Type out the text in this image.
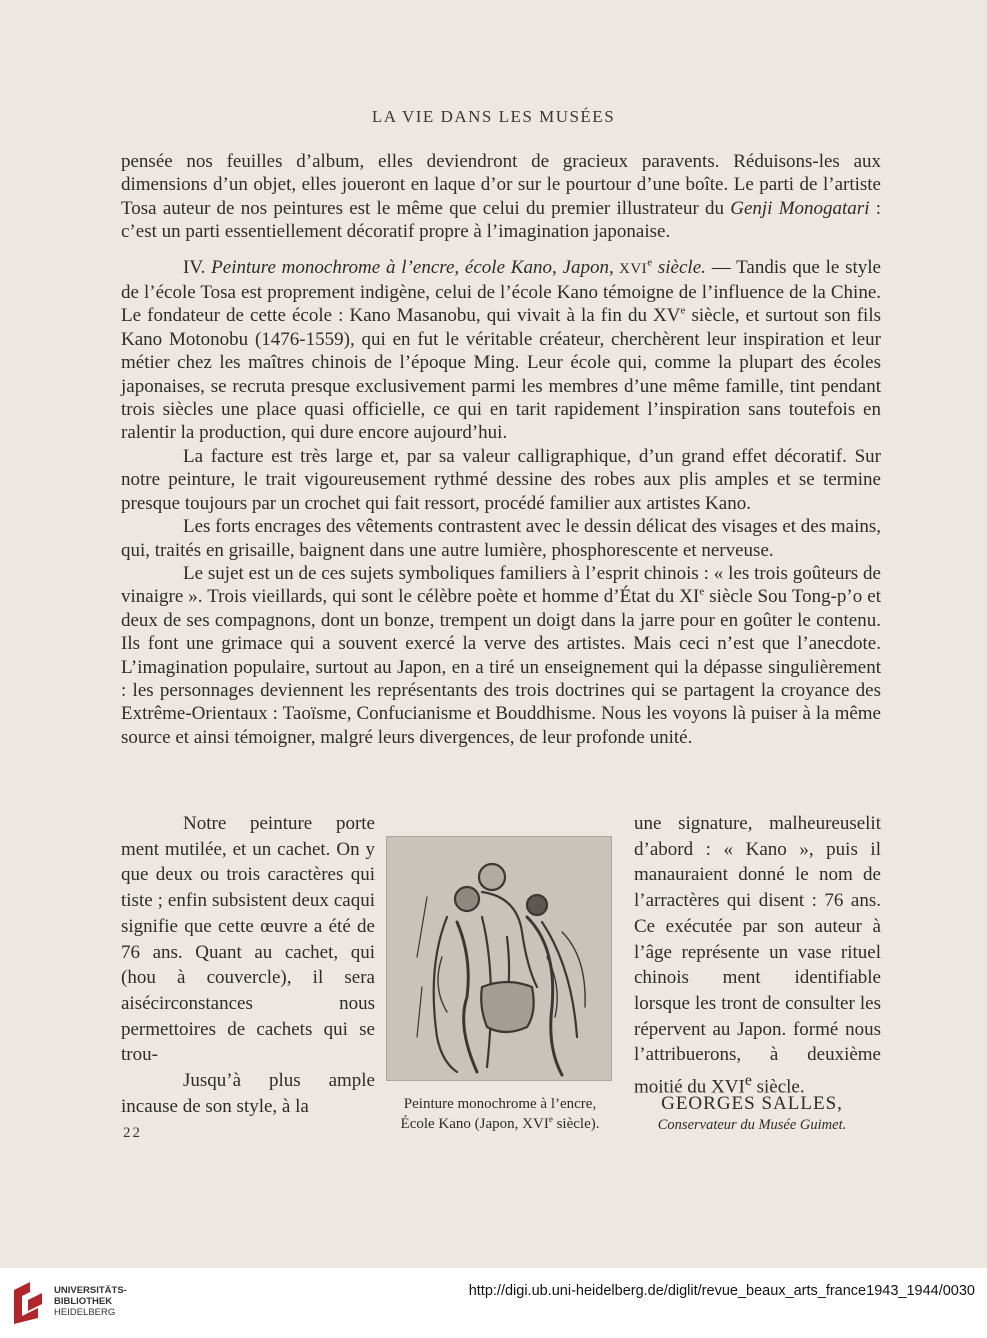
LA VIE DANS LES MUSÉES

pensée nos feuilles d’album, elles deviendront de gracieux paravents. Réduisons-les aux dimensions d’un objet, elles joueront en laque d’or sur le pourtour d’une boîte. Le parti de l’artiste Tosa auteur de nos peintures est le même que celui du premier illustrateur du Genji Monogatari : c’est un parti essentiellement décoratif propre à l’imagination japonaise.

IV. Peinture monochrome à l’encre, école Kano, Japon, XVIe siècle. — Tandis que le style de l’école Tosa est proprement indigène, celui de l’école Kano témoigne de l’influence de la Chine. Le fondateur de cette école : Kano Masanobu, qui vivait à la fin du XVe siècle, et surtout son fils Kano Motonobu (1476-1559), qui en fut le véritable créateur, cherchèrent leur inspiration et leur métier chez les maîtres chinois de l’époque Ming. Leur école qui, comme la plupart des écoles japonaises, se recruta presque exclusivement parmi les membres d’une même famille, tint pendant trois siècles une place quasi officielle, ce qui en tarit rapidement l’inspiration sans toutefois en ralentir la production, qui dure encore aujourd’hui.

La facture est très large et, par sa valeur calligraphique, d’un grand effet décoratif. Sur notre peinture, le trait vigoureusement rythmé dessine des robes aux plis amples et se termine presque toujours par un crochet qui fait ressort, procédé familier aux artistes Kano.

Les forts encrages des vêtements contrastent avec le dessin délicat des visages et des mains, qui, traités en grisaille, baignent dans une autre lumière, phosphorescente et nerveuse.

Le sujet est un de ces sujets symboliques familiers à l’esprit chinois : « les trois goûteurs de vinaigre ». Trois vieillards, qui sont le célèbre poète et homme d’État du XIe siècle Sou Tong-p’o et deux de ses compagnons, dont un bonze, trempent un doigt dans la jarre pour en goûter le contenu. Ils font une grimace qui a souvent exercé la verve des artistes. Mais ceci n’est que l’anecdote. L’imagination populaire, surtout au Japon, en a tiré un enseignement qui la dépasse singulièrement : les personnages deviennent les représentants des trois doctrines qui se partagent la croyance des Extrême-Orientaux : Taoïsme, Confucianisme et Bouddhisme. Nous les voyons là puiser à la même source et ainsi témoigner, malgré leurs divergences, de leur profonde unité.

Notre peinture porte ment mutilée, et un cachet. On y que deux ou trois caractères qui tiste ; enfin subsistent deux caqui signifie que cette œuvre a été de 76 ans. Quant au cachet, qui (hou à couvercle), il sera aisécirconstances nous permettoires de cachets qui se trou-

Jusqu’à plus ample incause de son style, à la

une signature, malheureuselit d’abord : « Kano », puis il manauraient donné le nom de l’arractères qui disent : 76 ans. Ce exécutée par son auteur à l’âge représente un vase rituel chinois ment identifiable lorsque les tront de consulter les répervent au Japon. formé nous l’attribuerons, à deuxième moitié du XVIe siècle.

Peinture monochrome à l’encre,
École Kano (Japon, XVIe siècle).
GEORGES SALLES,
Conservateur du Musée Guimet.
22
UNIVERSITÄTS-
BIBLIOTHEK
HEIDELBERG
http://digi.ub.uni-heidelberg.de/diglit/revue_beaux_arts_france1943_1944/0030
